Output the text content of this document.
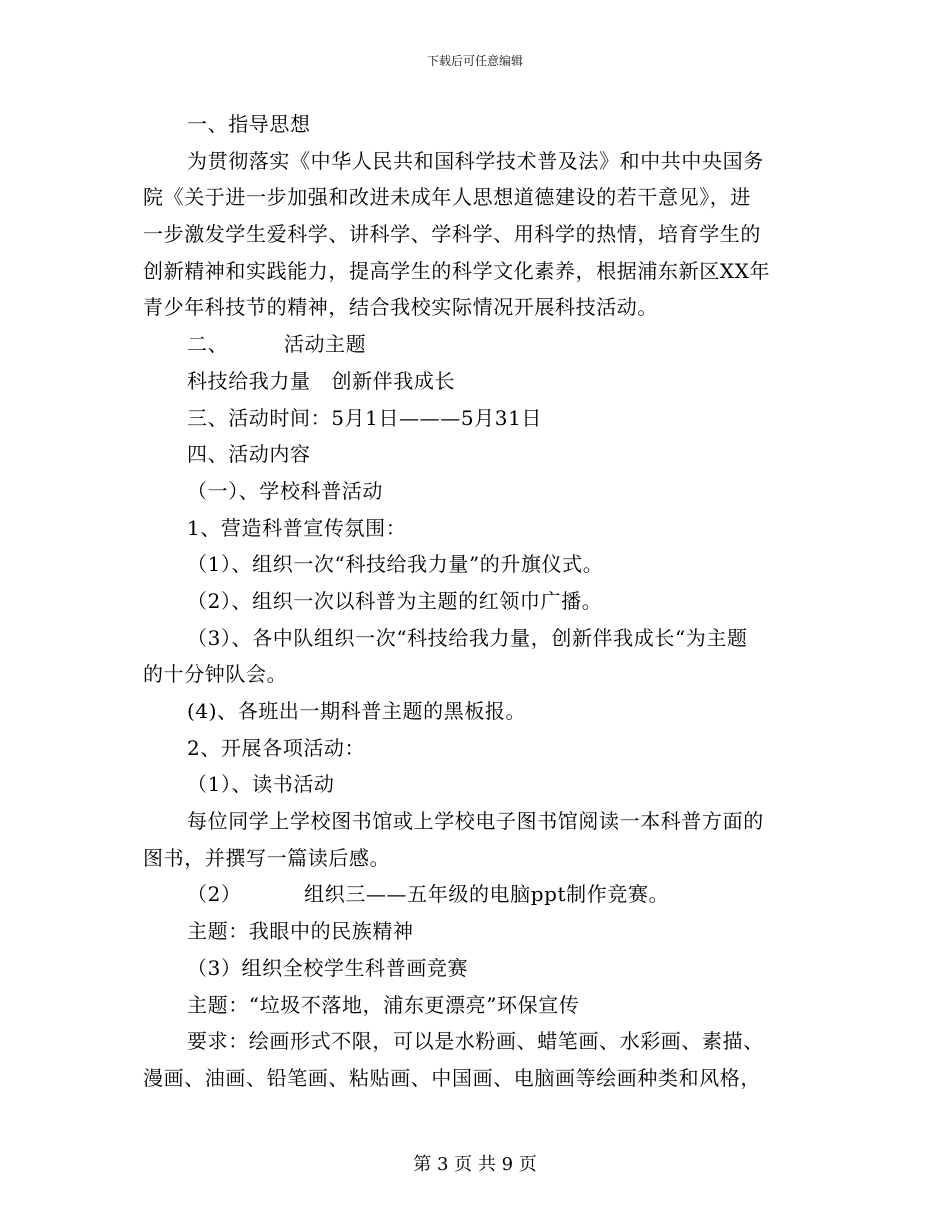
下载后可任意编辑
一、指导思想
为贯彻落实《中华人民共和国科学技术普及法》和中共中央国务
院《关于进一步加强和改进未成年人思想道德建设的若干意见》，进
一步激发学生爱科学、讲科学、学科学、用科学的热情，培育学生的
创新精神和实践能力，提高学生的科学文化素养，根据浦东新区XX年
青少年科技节的精神，结合我校实际情况开展科技活动。
二、        活动主题
科技给我力量   创新伴我成长
三、活动时间：5月1日———5月31日
四、活动内容
（一）、学校科普活动
1、营造科普宣传氛围：
（1）、组织一次“科技给我力量”的升旗仪式。
（2）、组织一次以科普为主题的红领巾广播。
（3）、各中队组织一次“科技给我力量，创新伴我成长“为主题
的十分钟队会。
(4)、各班出一期科普主题的黑板报。
2、开展各项活动：
（1）、读书活动
每位同学上学校图书馆或上学校电子图书馆阅读一本科普方面的
图书，并撰写一篇读后感。
（2）         组织三——五年级的电脑ppt制作竞赛。
主题：我眼中的民族精神
（3）组织全校学生科普画竞赛
主题：“垃圾不落地，浦东更漂亮”环保宣传
要求：绘画形式不限，可以是水粉画、蜡笔画、水彩画、素描、
漫画、油画、铅笔画、粘贴画、中国画、电脑画等绘画种类和风格，
第 3 页 共 9 页
